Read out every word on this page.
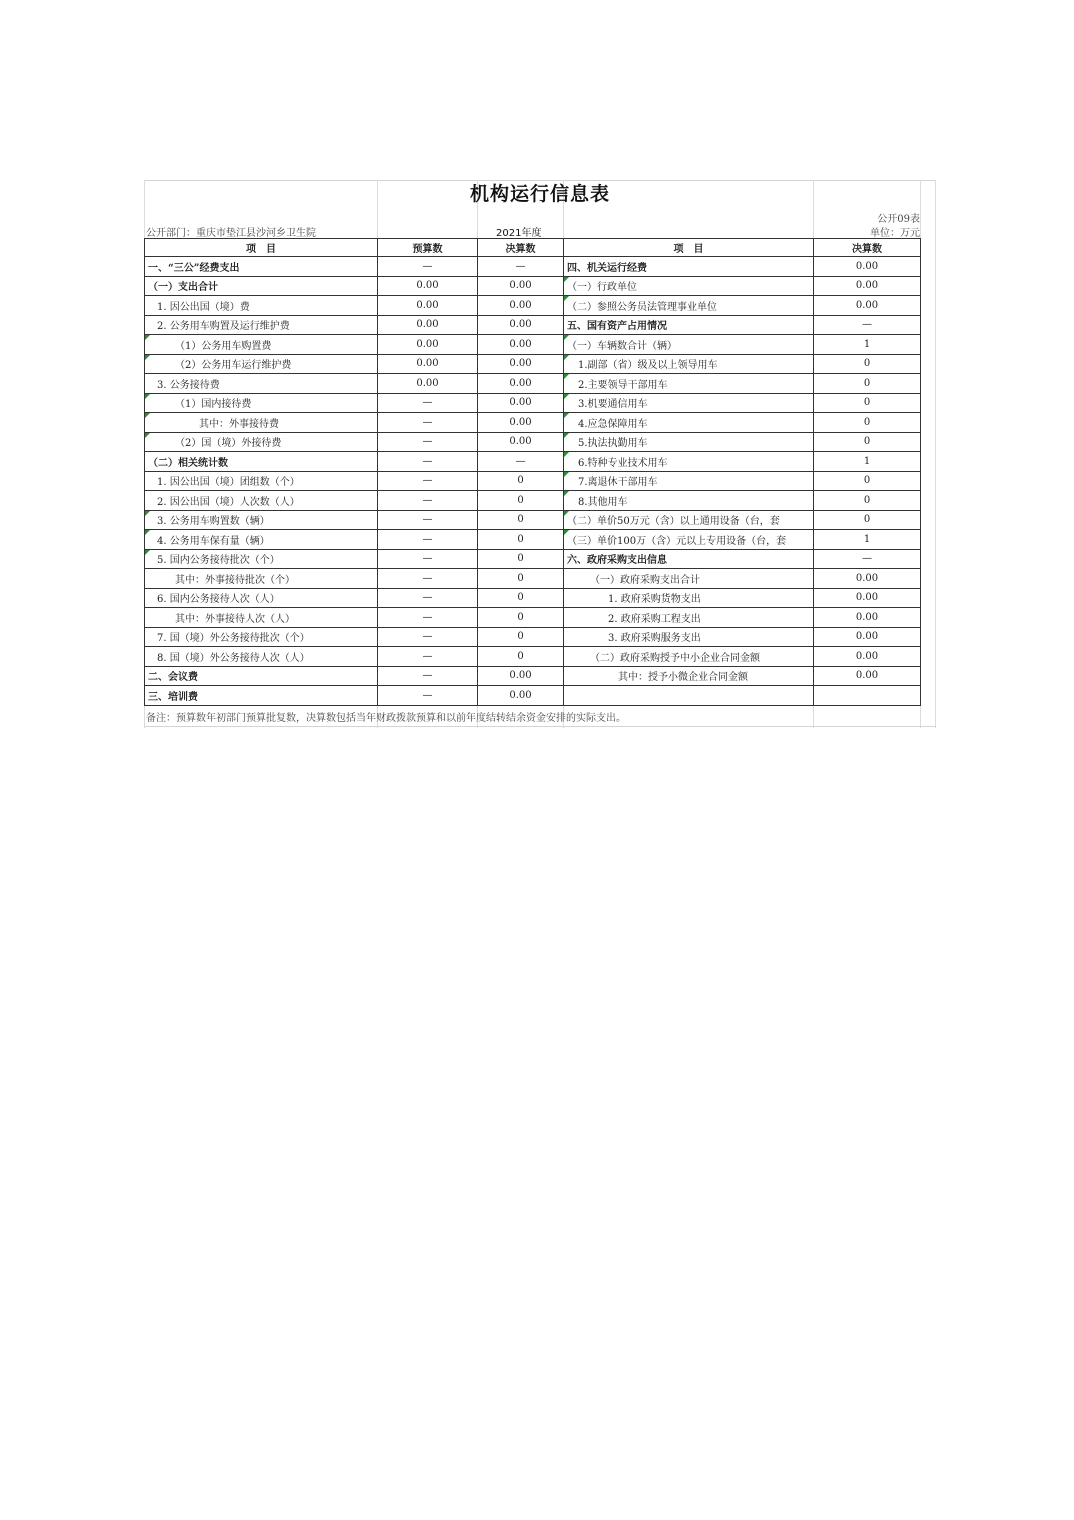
机构运行信息表
公开09表
公开部门：重庆市垫江县沙河乡卫生院	2021年度	单位：万元
项　目	预算数	决算数	项　目	决算数
一、“三公”经费支出	—	—	四、机关运行经费	0.00
（一）支出合计	0.00	0.00	（一）行政单位	0.00
1. 因公出国（境）费	0.00	0.00	（二）参照公务员法管理事业单位	0.00
2. 公务用车购置及运行维护费	0.00	0.00	五、国有资产占用情况	—
（1）公务用车购置费	0.00	0.00	（一）车辆数合计（辆）	1
（2）公务用车运行维护费	0.00	0.00	1.副部（省）级及以上领导用车	0
3. 公务接待费	0.00	0.00	2.主要领导干部用车	0
（1）国内接待费	—	0.00	3.机要通信用车	0
其中：外事接待费	—	0.00	4.应急保障用车	0
（2）国（境）外接待费	—	0.00	5.执法执勤用车	0
（二）相关统计数	—	—	6.特种专业技术用车	1
1. 因公出国（境）团组数（个）	—	0	7.离退休干部用车	0
2. 因公出国（境）人次数（人）	—	0	8.其他用车	0
3. 公务用车购置数（辆）	—	0	（二）单价50万元（含）以上通用设备（台，套	0
4. 公务用车保有量（辆）	—	0	（三）单价100万（含）元以上专用设备（台，套	1
5. 国内公务接待批次（个）	—	0	六、政府采购支出信息	—
其中：外事接待批次（个）	—	0	（一）政府采购支出合计	0.00
6. 国内公务接待人次（人）	—	0	1. 政府采购货物支出	0.00
其中：外事接待人次（人）	—	0	2. 政府采购工程支出	0.00
7. 国（境）外公务接待批次（个）	—	0	3. 政府采购服务支出	0.00
8. 国（境）外公务接待人次（人）	—	0	（二）政府采购授予中小企业合同金额	0.00
二、会议费	—	0.00	其中：授予小微企业合同金额	0.00
三、培训费	—	0.00		
备注：预算数年初部门预算批复数，决算数包括当年财政拨款预算和以前年度结转结余资金安排的实际支出。
